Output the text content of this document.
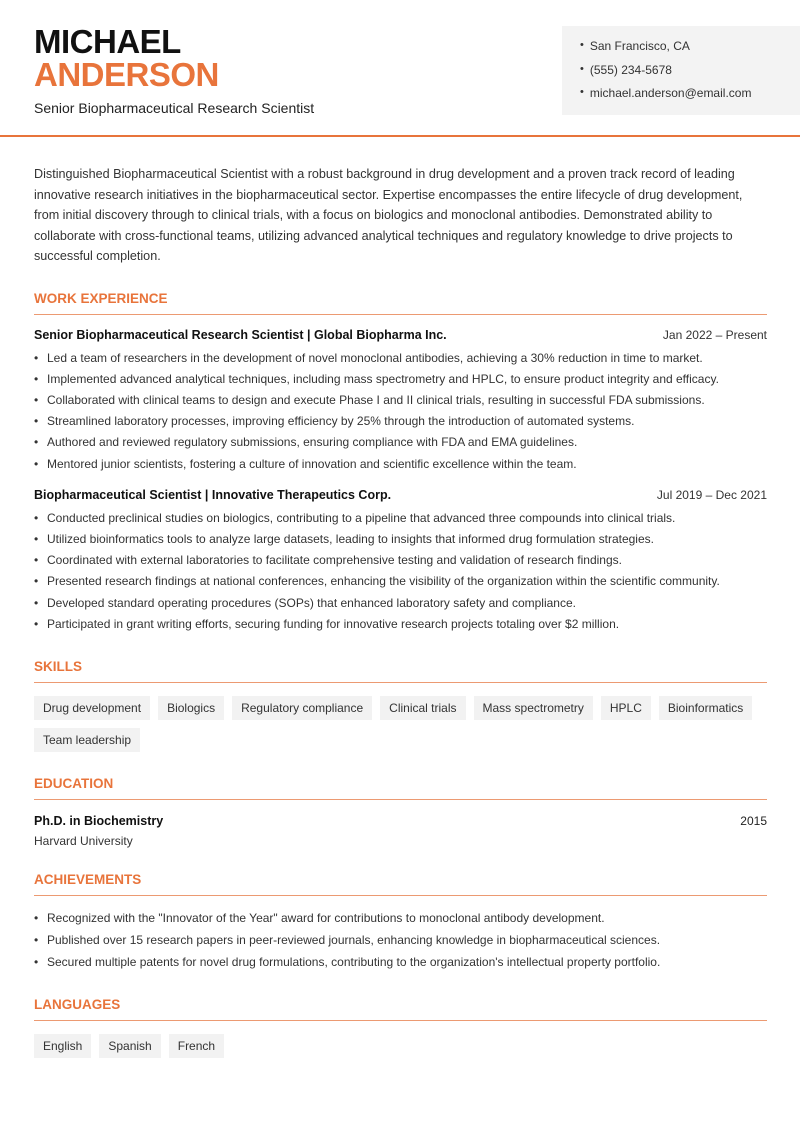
MICHAEL
ANDERSON
Senior Biopharmaceutical Research Scientist
• San Francisco, CA
• (555) 234-5678
• michael.anderson@email.com

Distinguished Biopharmaceutical Scientist with a robust background in drug development and a proven track record of leading innovative research initiatives in the biopharmaceutical sector. Expertise encompasses the entire lifecycle of drug development, from initial discovery through to clinical trials, with a focus on biologics and monoclonal antibodies. Demonstrated ability to collaborate with cross-functional teams, utilizing advanced analytical techniques and regulatory knowledge to drive projects to successful completion.

WORK EXPERIENCE
Senior Biopharmaceutical Research Scientist | Global Biopharma Inc.	Jan 2022 – Present
• Led a team of researchers in the development of novel monoclonal antibodies, achieving a 30% reduction in time to market.
• Implemented advanced analytical techniques, including mass spectrometry and HPLC, to ensure product integrity and efficacy.
• Collaborated with clinical teams to design and execute Phase I and II clinical trials, resulting in successful FDA submissions.
• Streamlined laboratory processes, improving efficiency by 25% through the introduction of automated systems.
• Authored and reviewed regulatory submissions, ensuring compliance with FDA and EMA guidelines.
• Mentored junior scientists, fostering a culture of innovation and scientific excellence within the team.
Biopharmaceutical Scientist | Innovative Therapeutics Corp.	Jul 2019 – Dec 2021
• Conducted preclinical studies on biologics, contributing to a pipeline that advanced three compounds into clinical trials.
• Utilized bioinformatics tools to analyze large datasets, leading to insights that informed drug formulation strategies.
• Coordinated with external laboratories to facilitate comprehensive testing and validation of research findings.
• Presented research findings at national conferences, enhancing the visibility of the organization within the scientific community.
• Developed standard operating procedures (SOPs) that enhanced laboratory safety and compliance.
• Participated in grant writing efforts, securing funding for innovative research projects totaling over $2 million.
SKILLS
Drug development	Biologics	Regulatory compliance	Clinical trials	Mass spectrometry	HPLC	Bioinformatics
Team leadership
EDUCATION
Ph.D. in Biochemistry	2015
Harvard University
ACHIEVEMENTS
• Recognized with the "Innovator of the Year" award for contributions to monoclonal antibody development.
• Published over 15 research papers in peer-reviewed journals, enhancing knowledge in biopharmaceutical sciences.
• Secured multiple patents for novel drug formulations, contributing to the organization's intellectual property portfolio.
LANGUAGES
English	Spanish	French
